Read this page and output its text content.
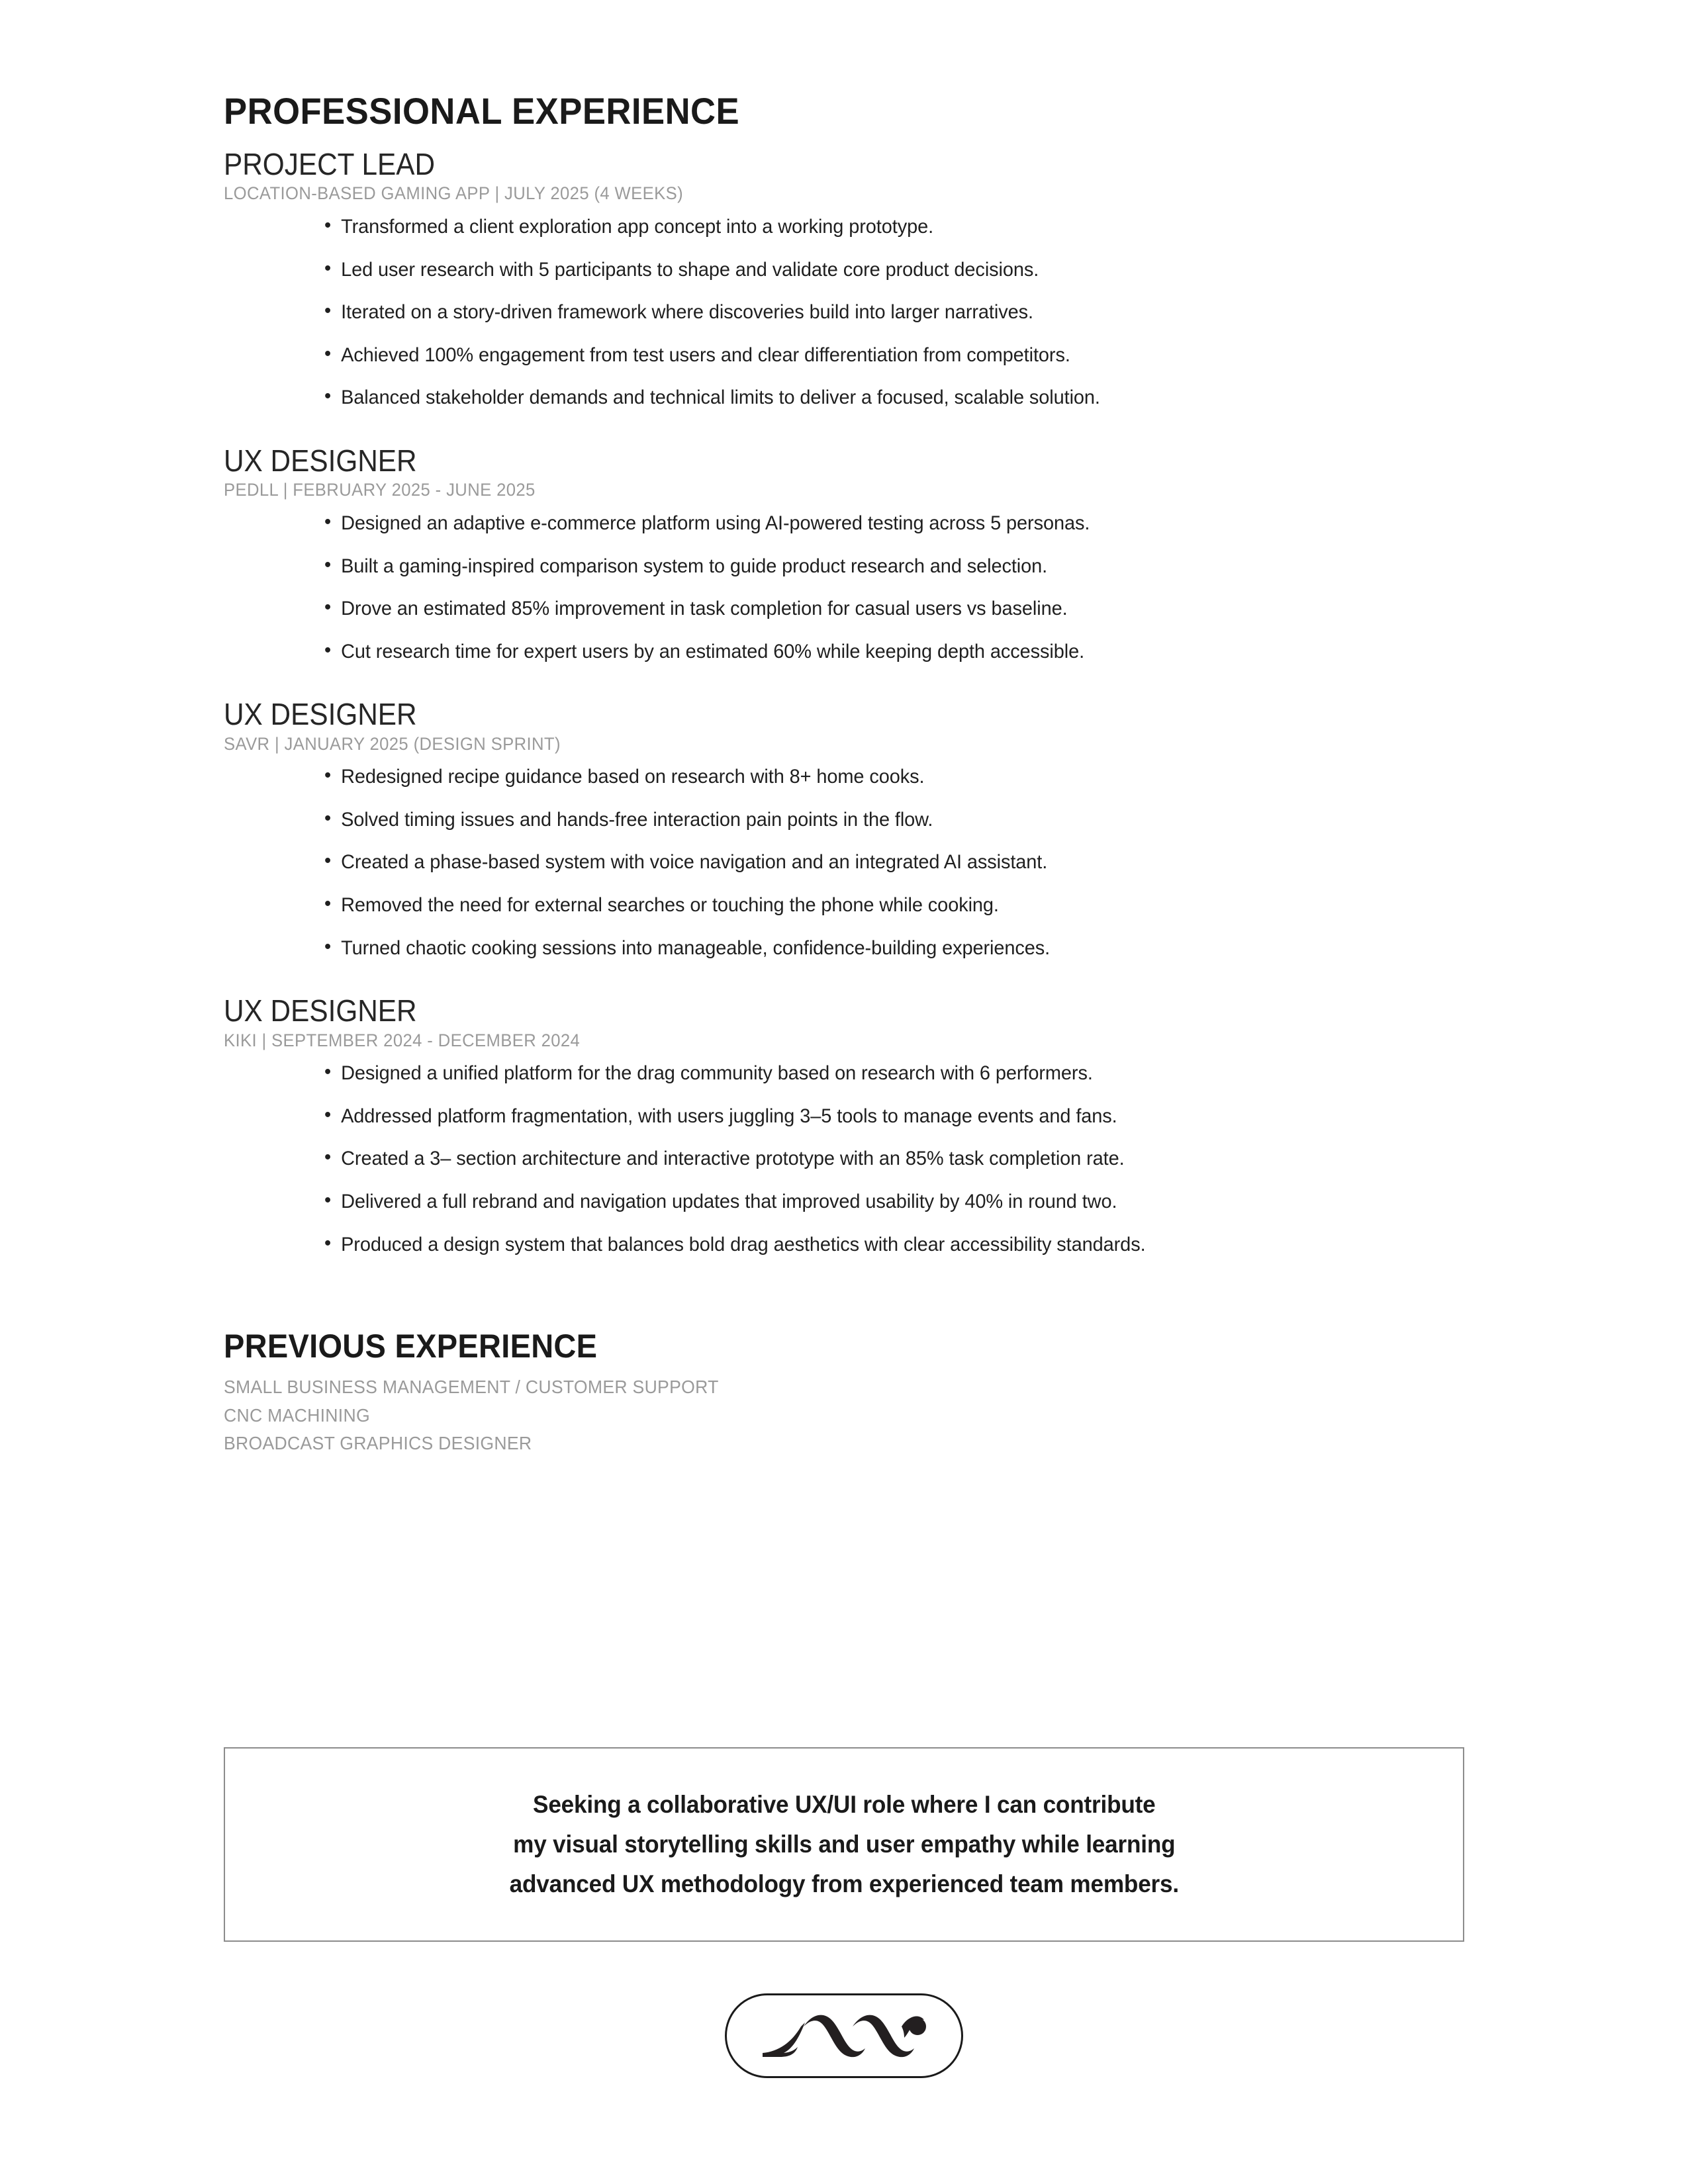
PROFESSIONAL EXPERIENCE
PROJECT LEAD
LOCATION-BASED GAMING APP | JULY 2025 (4 WEEKS)
• Transformed a client exploration app concept into a working prototype.
• Led user research with 5 participants to shape and validate core product decisions.
• Iterated on a story-driven framework where discoveries build into larger narratives.
• Achieved 100% engagement from test users and clear differentiation from competitors.
• Balanced stakeholder demands and technical limits to deliver a focused, scalable solution.
UX DESIGNER
PEDLL | FEBRUARY 2025 - JUNE 2025
• Designed an adaptive e-commerce platform using AI-powered testing across 5 personas.
• Built a gaming-inspired comparison system to guide product research and selection.
• Drove an estimated 85% improvement in task completion for casual users vs baseline.
• Cut research time for expert users by an estimated 60% while keeping depth accessible.
UX DESIGNER
SAVR | JANUARY 2025 (DESIGN SPRINT)
• Redesigned recipe guidance based on research with 8+ home cooks.
• Solved timing issues and hands-free interaction pain points in the flow.
• Created a phase-based system with voice navigation and an integrated AI assistant.
• Removed the need for external searches or touching the phone while cooking.
• Turned chaotic cooking sessions into manageable, confidence-building experiences.
UX DESIGNER
KIKI | SEPTEMBER 2024 - DECEMBER 2024
• Designed a unified platform for the drag community based on research with 6 performers.
• Addressed platform fragmentation, with users juggling 3–5 tools to manage events and fans.
• Created a 3– section architecture and interactive prototype with an 85% task completion rate.
• Delivered a full rebrand and navigation updates that improved usability by 40% in round two.
• Produced a design system that balances bold drag aesthetics with clear accessibility standards.
PREVIOUS EXPERIENCE
SMALL BUSINESS MANAGEMENT / CUSTOMER SUPPORT
CNC MACHINING
BROADCAST GRAPHICS DESIGNER
Seeking a collaborative UX/UI role where I can contribute
my visual storytelling skills and user empathy while learning
advanced UX methodology from experienced team members.
